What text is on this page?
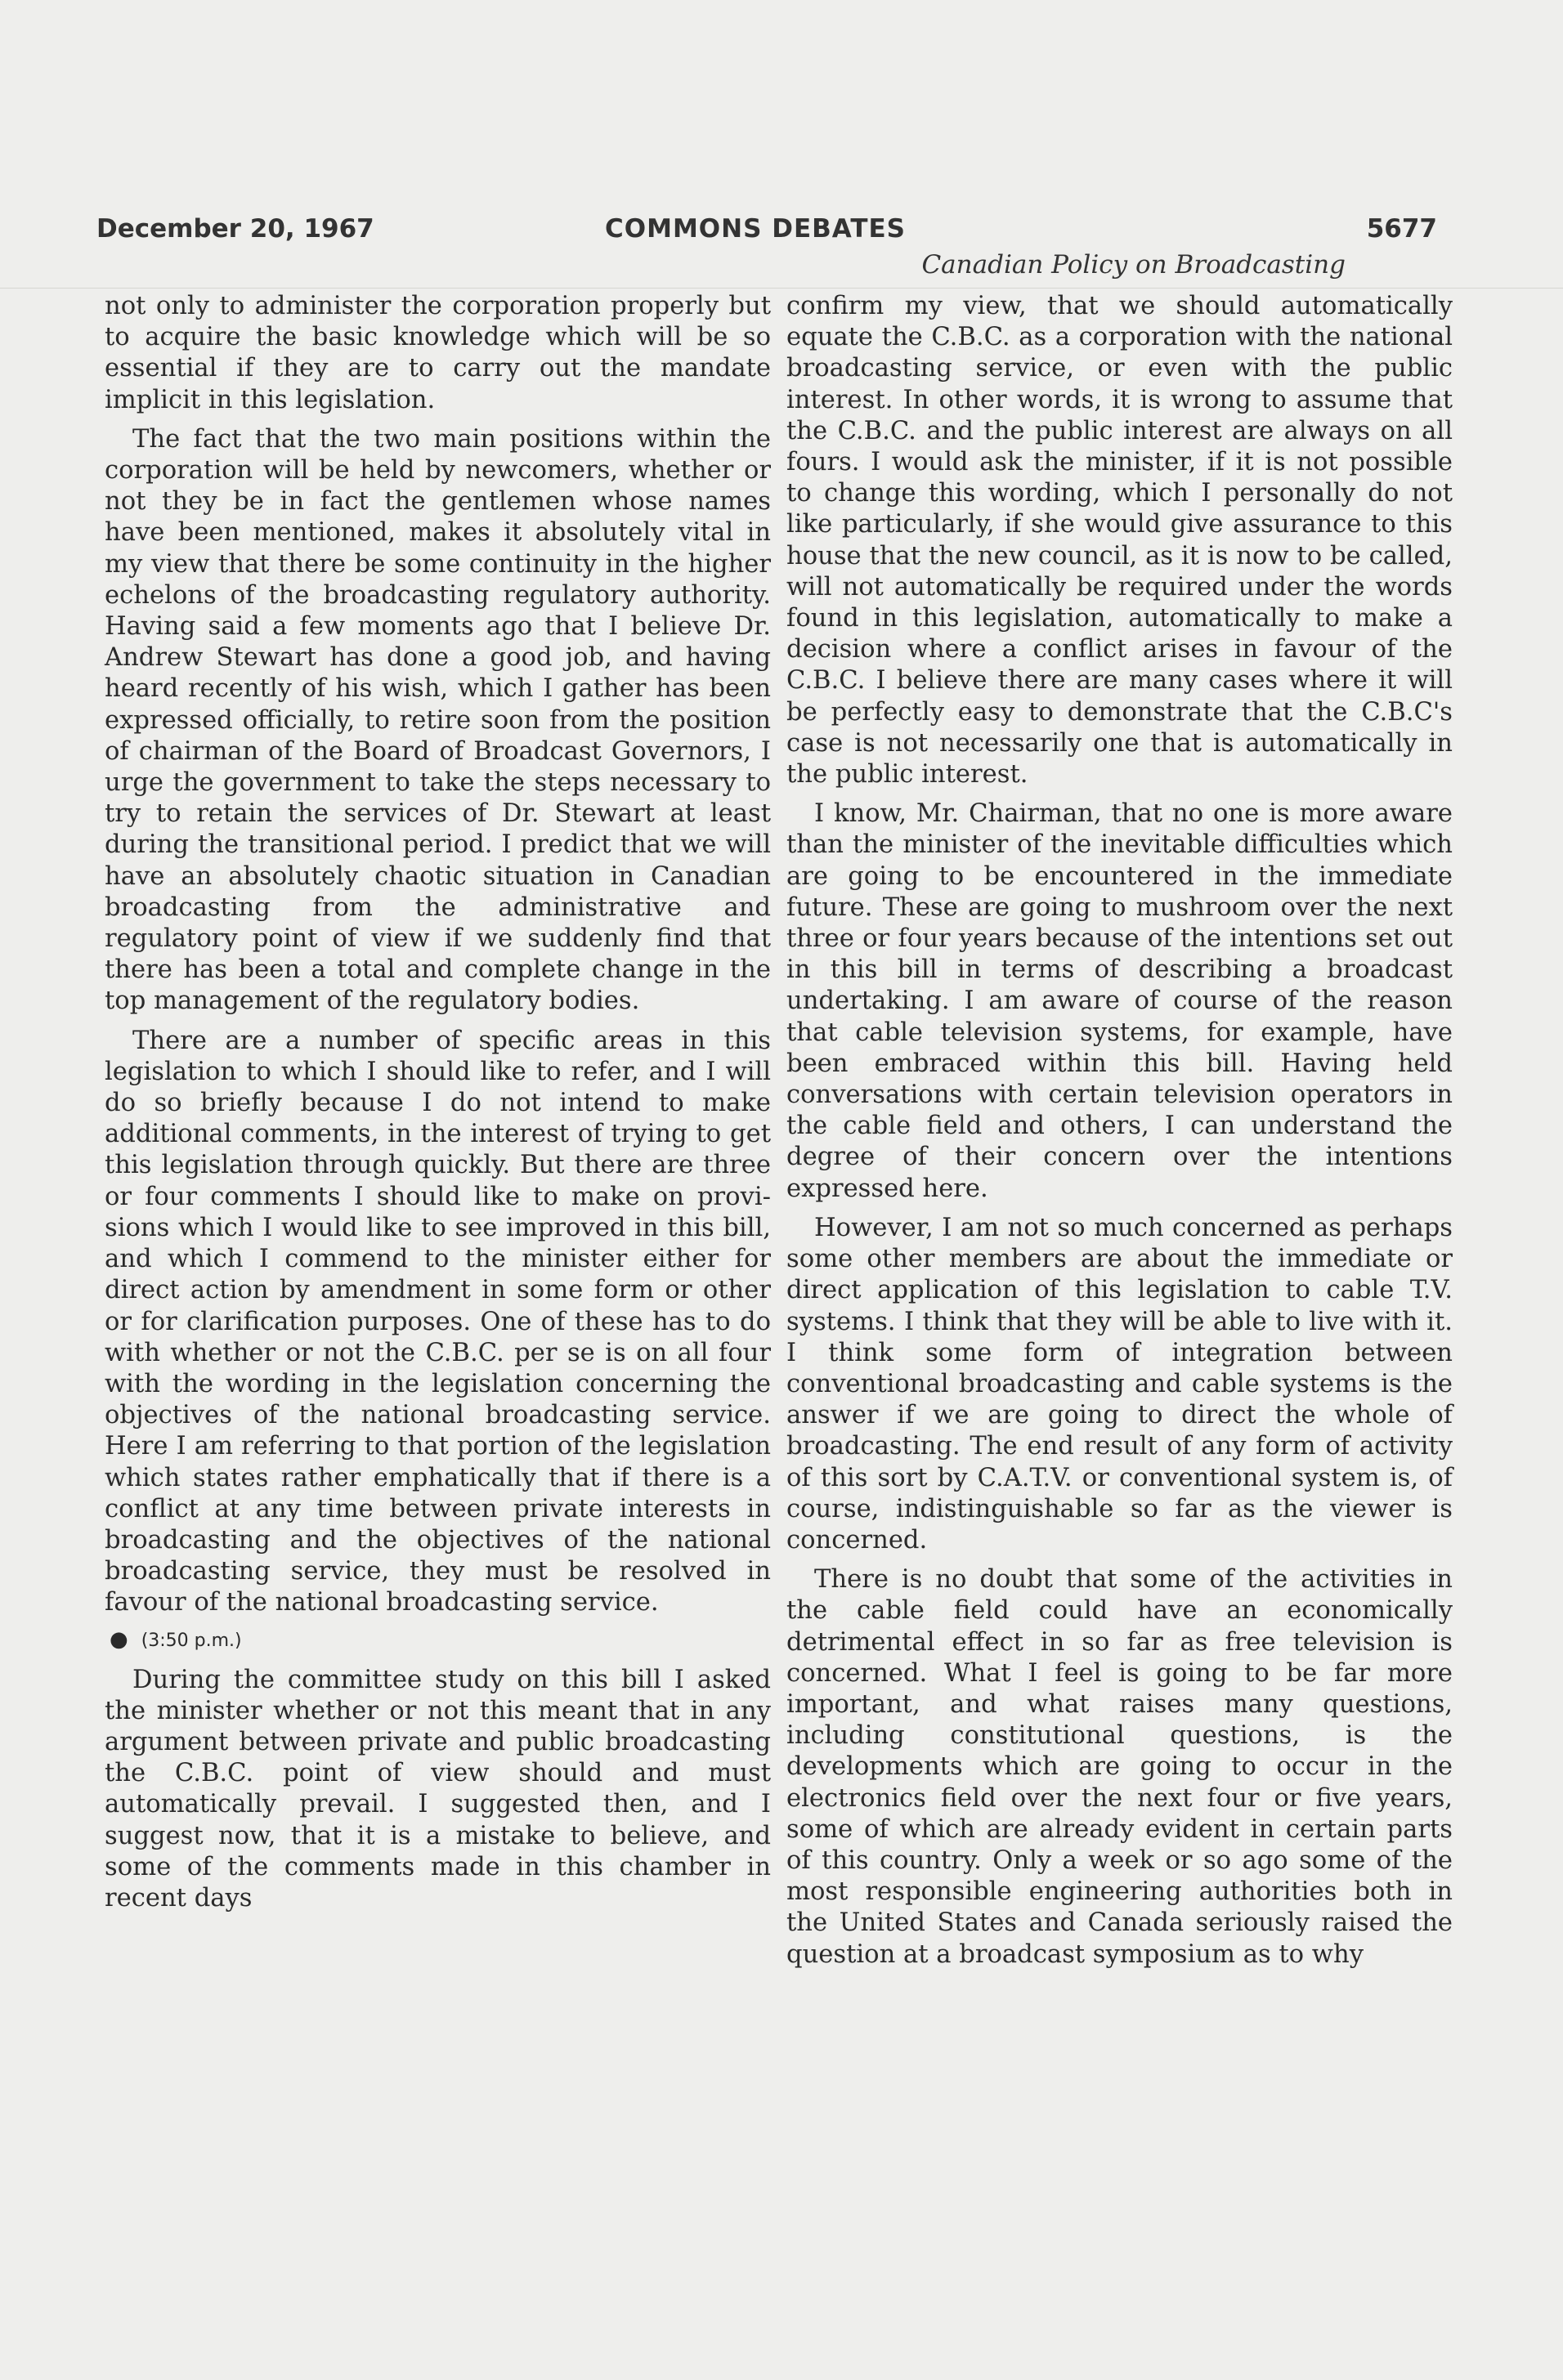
December 20, 1967	COMMONS DEBATES	5677
Canadian Policy on Broadcasting

not only to administer the corporation properly but to acquire the basic knowledge which will be so essential if they are to carry out the mandate implicit in this legislation.

The fact that the two main positions within the corporation will be held by newcomers, whether or not they be in fact the gentlemen whose names have been mentioned, makes it absolutely vital in my view that there be some continuity in the higher echelons of the broadcasting regulatory authority. Having said a few moments ago that I believe Dr. Andrew Stewart has done a good job, and having heard recently of his wish, which I gather has been expressed officially, to retire soon from the position of chairman of the Board of Broadcast Governors, I urge the government to take the steps necessary to try to retain the services of Dr. Stewart at least during the transitional period. I predict that we will have an absolutely chaotic situation in Canadian broadcasting from the administrative and regulatory point of view if we suddenly find that there has been a total and complete change in the top management of the regulatory bodies.

There are a number of specific areas in this legislation to which I should like to refer, and I will do so briefly because I do not intend to make additional comments, in the interest of trying to get this legislation through quickly. But there are three or four comments I should like to make on provisions which I would like to see improved in this bill, and which I commend to the minister either for direct action by amendment in some form or other or for clarification purposes. One of these has to do with whether or not the C.B.C. per se is on all four with the wording in the legislation concerning the objectives of the national broadcasting service. Here I am referring to that portion of the legislation which states rather emphatically that if there is a conflict at any time between private interests in broadcasting and the objectives of the national broadcasting service, they must be resolved in favour of the national broadcasting service.

● (3:50 p.m.)

During the committee study on this bill I asked the minister whether or not this meant that in any argument between private and public broadcasting the C.B.C. point of view should and must automatically prevail. I suggested then, and I suggest now, that it is a mistake to believe, and some of the comments made in this chamber in recent days

confirm my view, that we should automatically equate the C.B.C. as a corporation with the national broadcasting service, or even with the public interest. In other words, it is wrong to assume that the C.B.C. and the public interest are always on all fours. I would ask the minister, if it is not possible to change this wording, which I personally do not like particularly, if she would give assurance to this house that the new council, as it is now to be called, will not automatically be required under the words found in this legislation, automatically to make a decision where a conflict arises in favour of the C.B.C. I believe there are many cases where it will be perfectly easy to demonstrate that the C.B.C's case is not necessarily one that is automatically in the public interest.

I know, Mr. Chairman, that no one is more aware than the minister of the inevitable difficulties which are going to be encountered in the immediate future. These are going to mushroom over the next three or four years because of the intentions set out in this bill in terms of describing a broadcast undertaking. I am aware of course of the reason that cable television systems, for example, have been embraced within this bill. Having held conversations with certain television operators in the cable field and others, I can understand the degree of their concern over the intentions expressed here.

However, I am not so much concerned as perhaps some other members are about the immediate or direct application of this legislation to cable T.V. systems. I think that they will be able to live with it. I think some form of integration between conventional broadcasting and cable systems is the answer if we are going to direct the whole of broadcasting. The end result of any form of activity of this sort by C.A.T.V. or conventional system is, of course, indistinguishable so far as the viewer is concerned.

There is no doubt that some of the activities in the cable field could have an economically detrimental effect in so far as free television is concerned. What I feel is going to be far more important, and what raises many questions, including constitutional questions, is the developments which are going to occur in the electronics field over the next four or five years, some of which are already evident in certain parts of this country. Only a week or so ago some of the most responsible engineering authorities both in the United States and Canada seriously raised the question at a broadcast symposium as to why
